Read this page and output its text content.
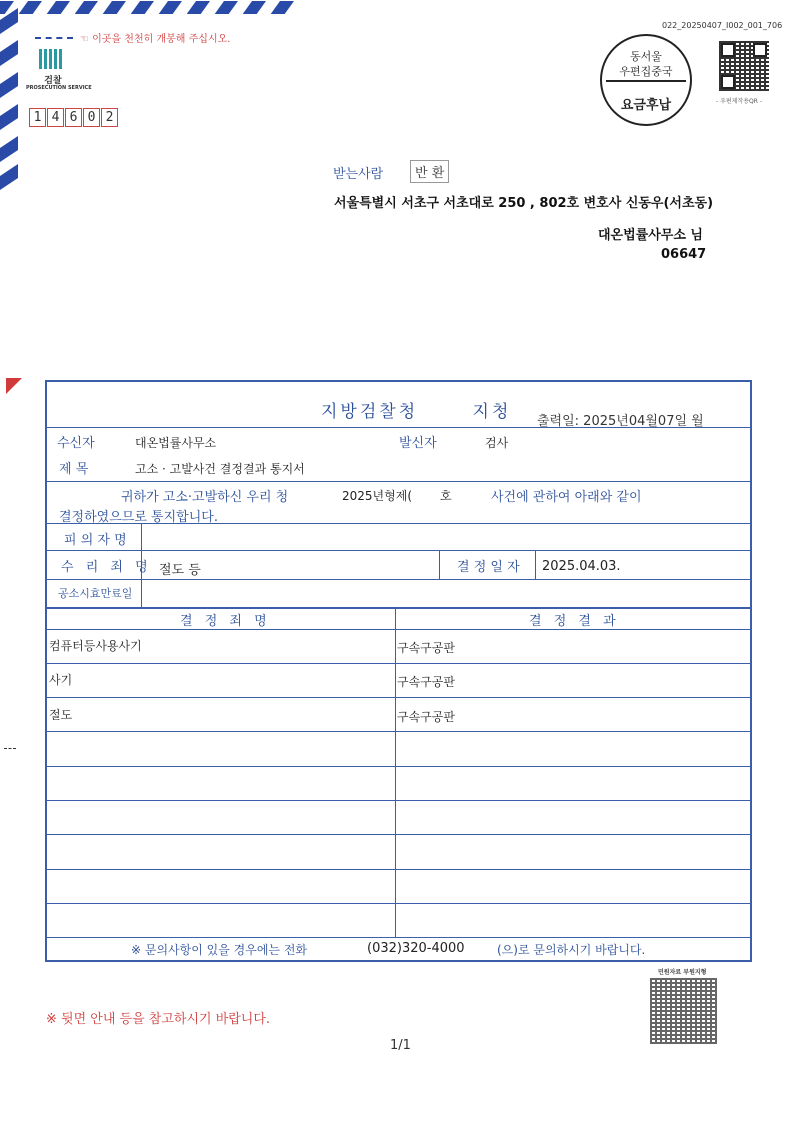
☜ 이곳을 천천히 개봉해 주십시오.
검찰
PROSECUTION SERVICE
1 4 6 0 2
022_20250407_I002_001_706
동서울
우편집중국
요금후납	- 우편제작용QR -
받는사람	반 환
서울특별시 서초구 서초대로 250 , 802호 변호사 신동우(서초동)
대온법률사무소 님
06647
지방검찰청	지청 출력일: 2025년04월07일 월
수신자	대온법률사무소	발신자	검사
제 목	고소 · 고발사건 결정결과 통지서
귀하가 고소·고발하신 우리 청	2025년형제( 호	사건에 관하여 아래와 같이
결정하였으므로 통지합니다.
피 의 자 명
수 리 죄 명 절도 등	결 정 일 자 2025.04.03.
공소시효만료일
결 정 죄 명	결 정 결 과
컴퓨터등사용사기	구속구공판
사기	구속구공판
절도	구속구공판
※ 문의사항이 있을 경우에는 전화	(032)320-4000	(으)로 문의하시기 바랍니다.
민원자료 부원지형
※ 뒷면 안내 등을 참고하시기 바랍니다.
1/1
